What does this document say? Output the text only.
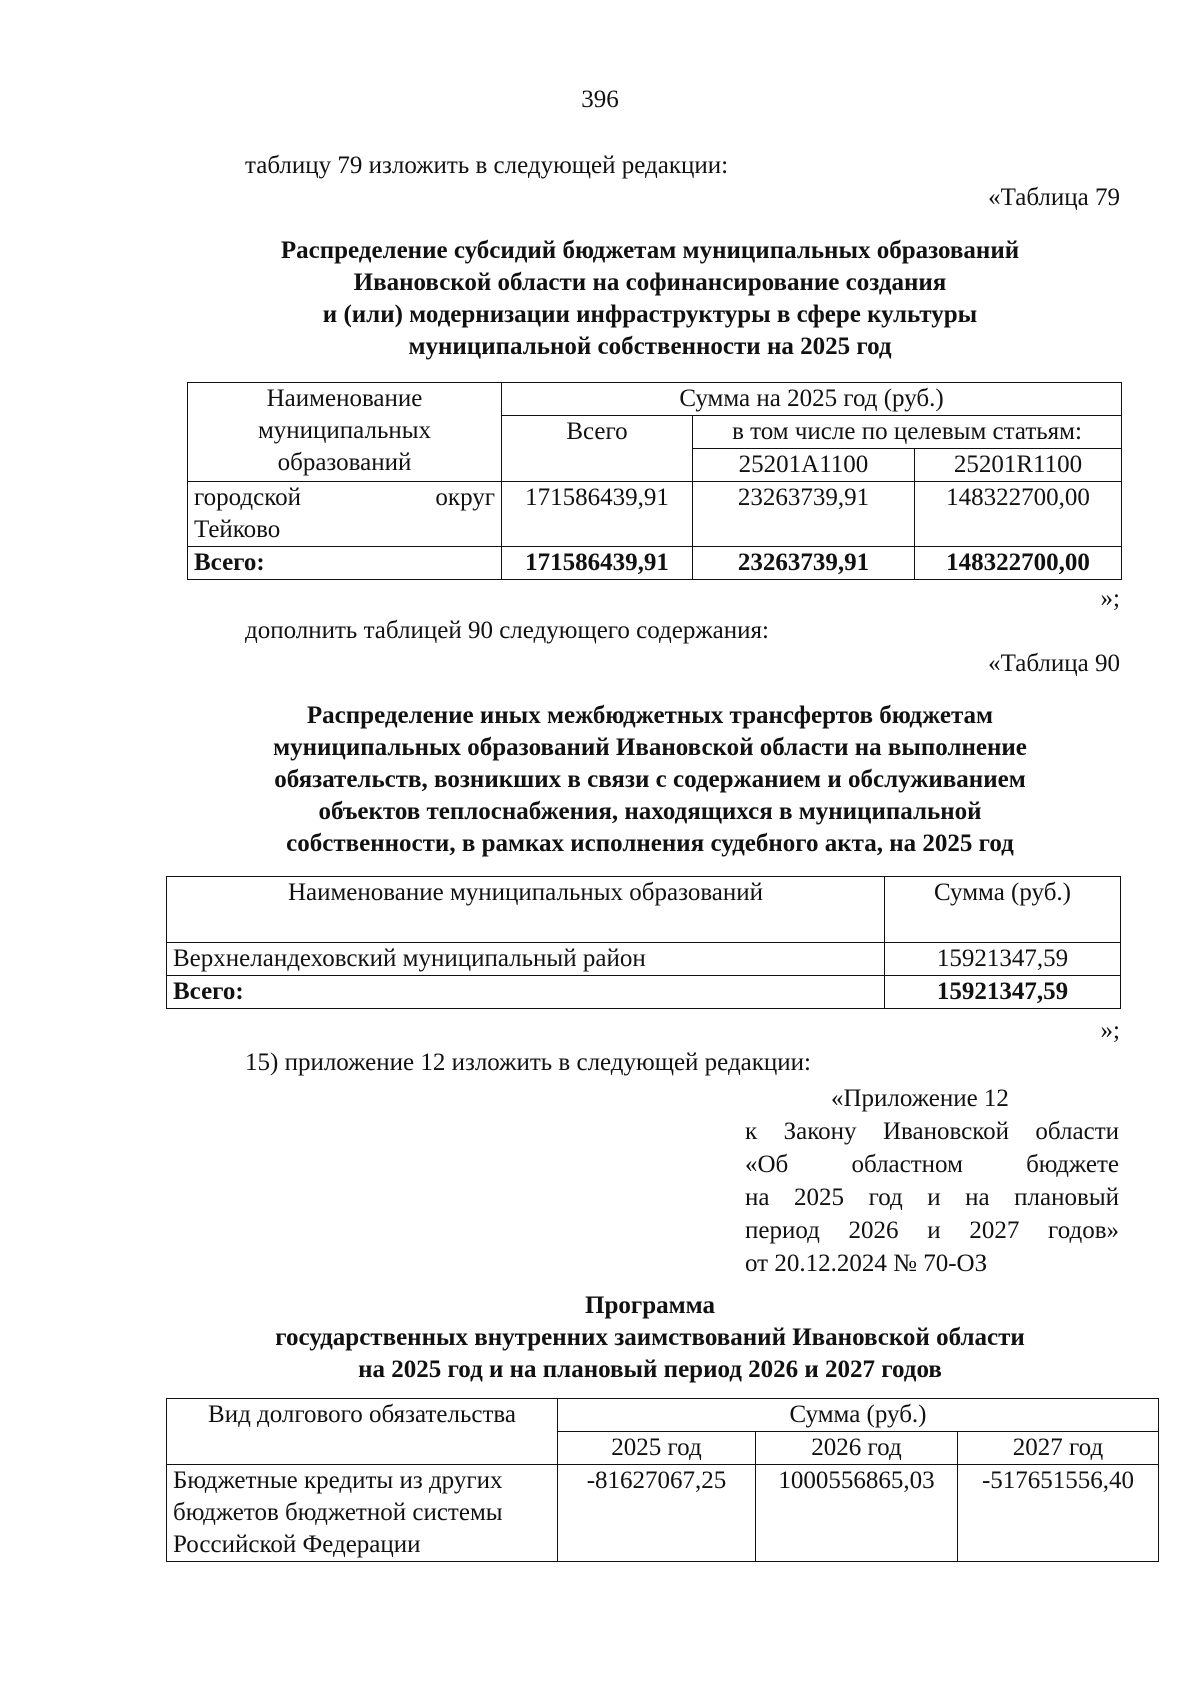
396
таблицу 79 изложить в следующей редакции:
«Таблица 79
Распределение субсидий бюджетам муниципальных образований
Ивановской области на софинансирование создания
и (или) модернизации инфраструктуры в сфере культуры
муниципальной собственности на 2025 год
Наименование
муниципальных
образований	Сумма на 2025 год (руб.)		
	Всего	в том числе по целевым статьям:	
		25201A1100	25201R1100

городской округ
Тейково	171586439,91	23263739,91	148322700,00
Всего:	171586439,91	23263739,91	148322700,00
»;
дополнить таблицей 90 следующего содержания:
«Таблица 90
Распределение иных межбюджетных трансфертов бюджетам
муниципальных образований Ивановской области на выполнение
обязательств, возникших в связи с содержанием и обслуживанием
объектов теплоснабжения, находящихся в муниципальной
собственности, в рамках исполнения судебного акта, на 2025 год
Наименование муниципальных образований	Сумма (руб.)
Верхнеландеховский муниципальный район	15921347,59
Всего:	15921347,59
»;
15) приложение 12 изложить в следующей редакции:
«Приложение 12
к Закону Ивановской области
«Об областном бюджете
на 2025 год и на плановый
период 2026 и 2027 годов»
от 20.12.2024 № 70-ОЗ
Программа
государственных внутренних заимствований Ивановской области
на 2025 год и на плановый период 2026 и 2027 годов
Вид долгового обязательства	Сумма (руб.)		
	2025 год	2026 год	2027 год

Бюджетные кредиты из других
бюджетов бюджетной системы
Российской Федерации	-81627067,25	1000556865,03	-517651556,40
